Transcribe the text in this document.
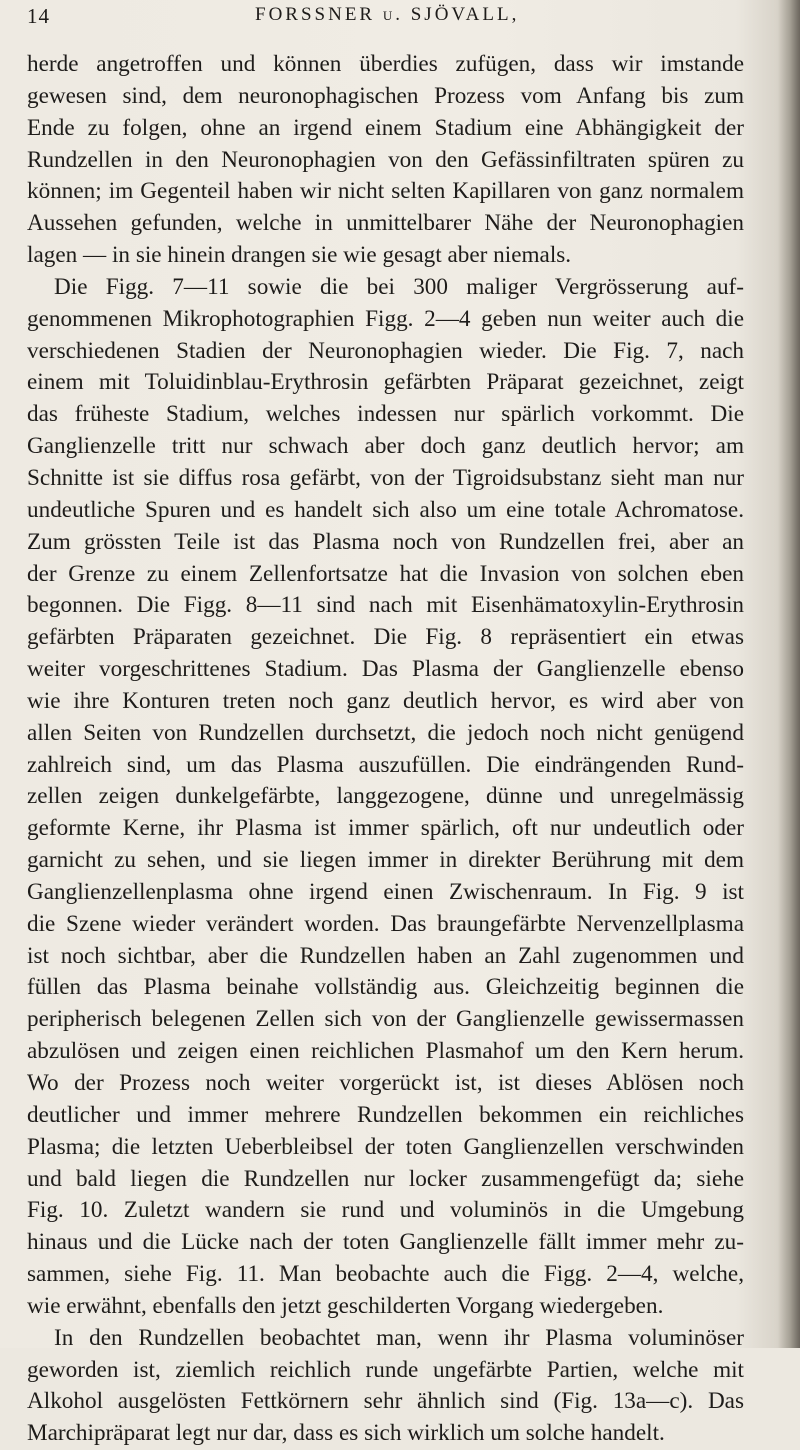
14	FORSSNER u. SJÖVALL,
herde angetroffen und können überdies zufügen, dass wir imstande
gewesen sind, dem neuronophagischen Prozess vom Anfang bis zum
Ende zu folgen, ohne an irgend einem Stadium eine Abhängigkeit der
Rundzellen in den Neuronophagien von den Gefässinfiltraten spüren zu
können; im Gegenteil haben wir nicht selten Kapillaren von ganz normalem
Aussehen gefunden, welche in unmittelbarer Nähe der Neuronophagien
lagen — in sie hinein drangen sie wie gesagt aber niemals.
Die Figg. 7—11 sowie die bei 300 maliger Vergrösserung auf-
genommenen Mikrophotographien Figg. 2—4 geben nun weiter auch die
verschiedenen Stadien der Neuronophagien wieder. Die Fig. 7, nach
einem mit Toluidinblau-Erythrosin gefärbten Präparat gezeichnet, zeigt
das früheste Stadium, welches indessen nur spärlich vorkommt. Die
Ganglienzelle tritt nur schwach aber doch ganz deutlich hervor; am
Schnitte ist sie diffus rosa gefärbt, von der Tigroidsubstanz sieht man nur
undeutliche Spuren und es handelt sich also um eine totale Achromatose.
Zum grössten Teile ist das Plasma noch von Rundzellen frei, aber an
der Grenze zu einem Zellenfortsatze hat die Invasion von solchen eben
begonnen. Die Figg. 8—11 sind nach mit Eisenhämatoxylin-Erythrosin
gefärbten Präparaten gezeichnet. Die Fig. 8 repräsentiert ein etwas
weiter vorgeschrittenes Stadium. Das Plasma der Ganglienzelle ebenso
wie ihre Konturen treten noch ganz deutlich hervor, es wird aber von
allen Seiten von Rundzellen durchsetzt, die jedoch noch nicht genügend
zahlreich sind, um das Plasma auszufüllen. Die eindrängenden Rund-
zellen zeigen dunkelgefärbte, langgezogene, dünne und unregelmässig
geformte Kerne, ihr Plasma ist immer spärlich, oft nur undeutlich oder
garnicht zu sehen, und sie liegen immer in direkter Berührung mit dem
Ganglienzellenplasma ohne irgend einen Zwischenraum. In Fig. 9 ist
die Szene wieder verändert worden. Das braungefärbte Nervenzellplasma
ist noch sichtbar, aber die Rundzellen haben an Zahl zugenommen und
füllen das Plasma beinahe vollständig aus. Gleichzeitig beginnen die
peripherisch belegenen Zellen sich von der Ganglienzelle gewissermassen
abzulösen und zeigen einen reichlichen Plasmahof um den Kern herum.
Wo der Prozess noch weiter vorgerückt ist, ist dieses Ablösen noch
deutlicher und immer mehrere Rundzellen bekommen ein reichliches
Plasma; die letzten Ueberbleibsel der toten Ganglienzellen verschwinden
und bald liegen die Rundzellen nur locker zusammengefügt da; siehe
Fig. 10. Zuletzt wandern sie rund und voluminös in die Umgebung
hinaus und die Lücke nach der toten Ganglienzelle fällt immer mehr zu-
sammen, siehe Fig. 11. Man beobachte auch die Figg. 2—4, welche,
wie erwähnt, ebenfalls den jetzt geschilderten Vorgang wiedergeben.
In den Rundzellen beobachtet man, wenn ihr Plasma voluminöser
geworden ist, ziemlich reichlich runde ungefärbte Partien, welche mit
Alkohol ausgelösten Fettkörnern sehr ähnlich sind (Fig. 13a—c). Das
Marchipräparat legt nur dar, dass es sich wirklich um solche handelt.
